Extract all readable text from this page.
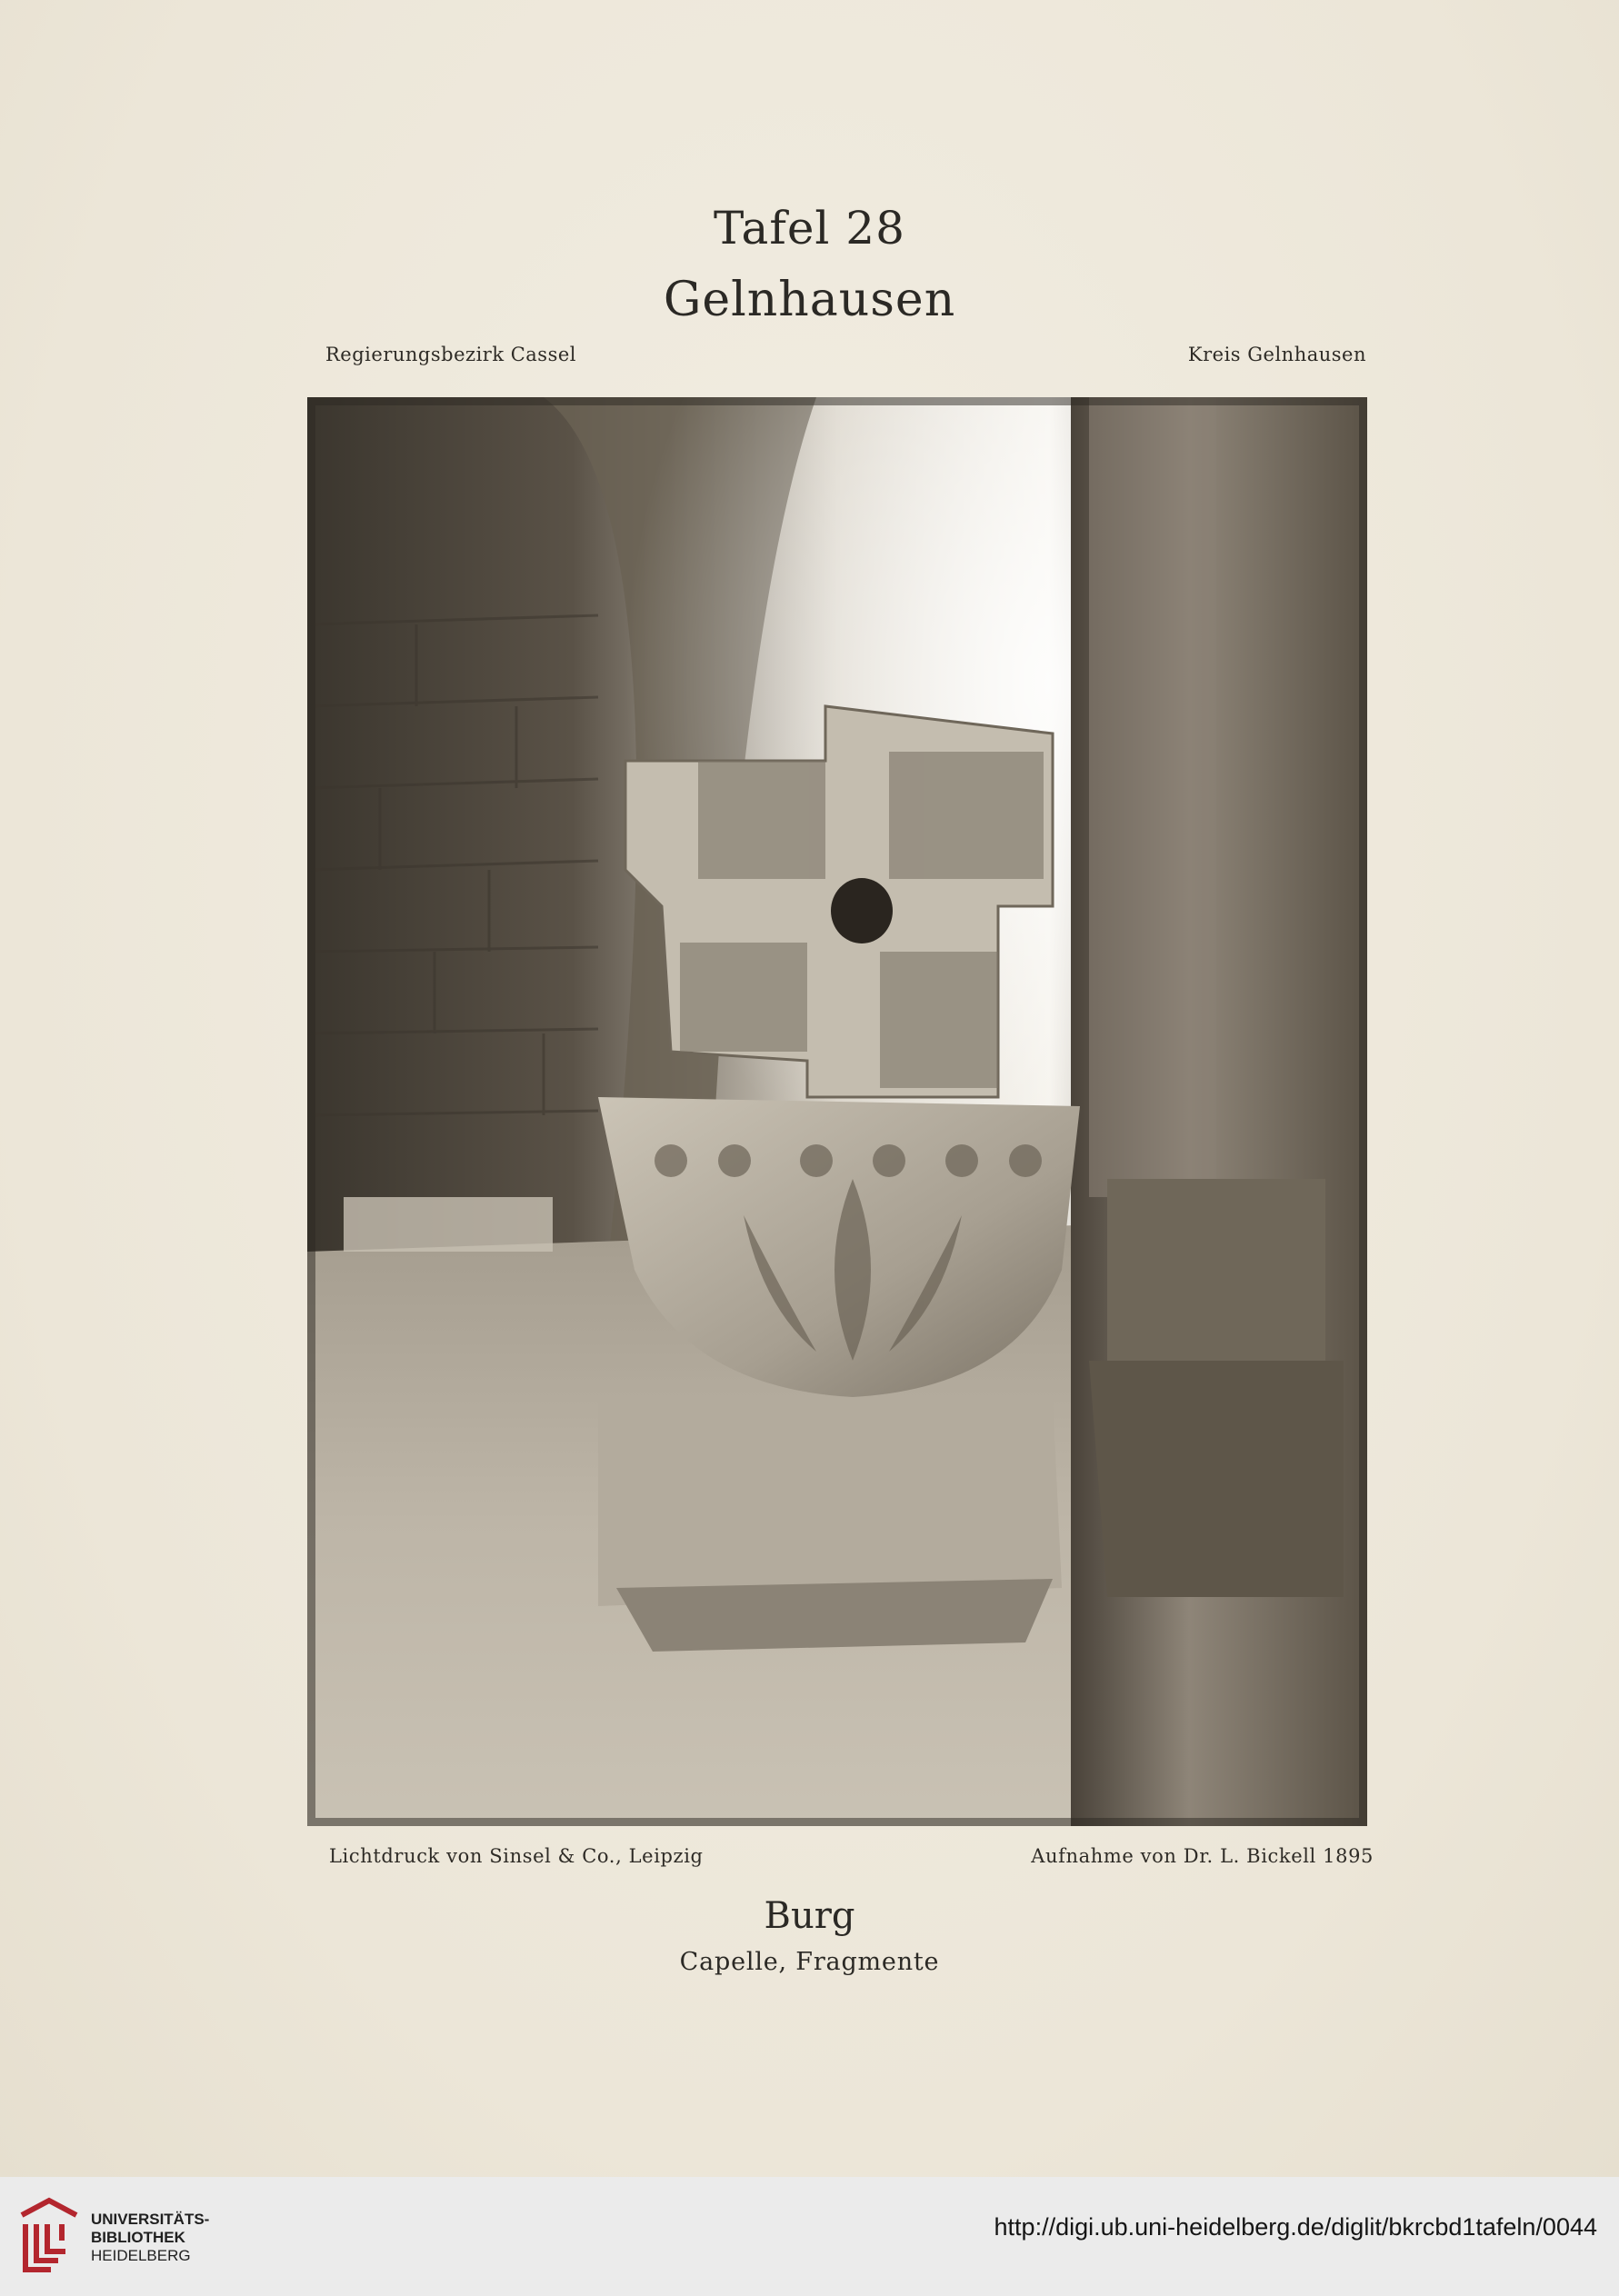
Tafel 28
Gelnhausen
Regierungsbezirk Cassel	Kreis Gelnhausen
Lichtdruck von Sinsel & Co., Leipzig	Aufnahme von Dr. L. Bickell 1895
Burg
Capelle, Fragmente
UNIVERSITÄTS-
BIBLIOTHEK
HEIDELBERG
http://digi.ub.uni-heidelberg.de/diglit/bkrcbd1tafeln/0044
